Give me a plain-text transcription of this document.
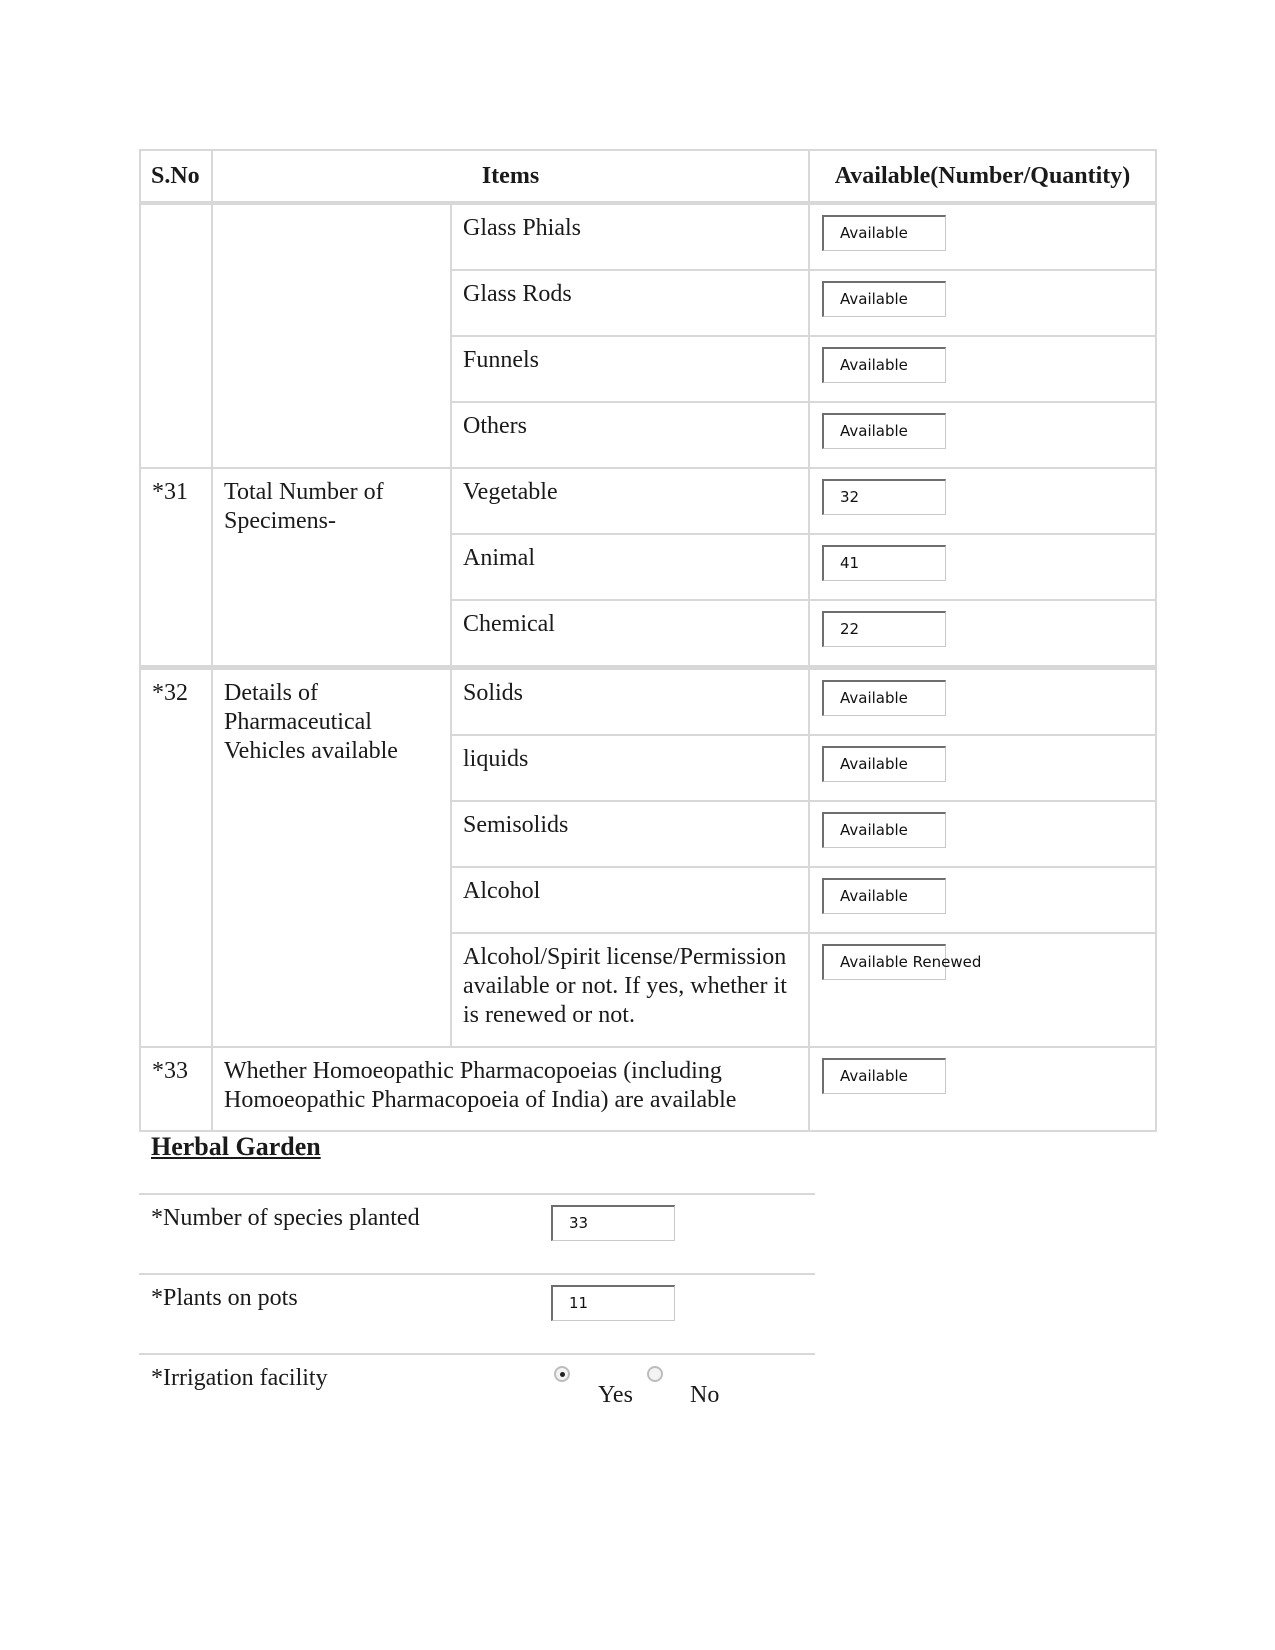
S.No	Items		Available(Number/Quantity)
		Glass Phials	Available

		Glass Rods	Available

		Funnels	Available

		Others	Available

*31	Total Number of Specimens-	Vegetable	32

		Animal	41

		Chemical	22

*32	Details of Pharmaceutical Vehicles available	Solids	Available

		liquids	Available

		Semisolids	Available

		Alcohol	Available

		Alcohol/Spirit license/Permission available or not. If yes, whether it is renewed or not.	Available Renewed

*33	Whether Homoeopathic Pharmacopoeias (including Homoeopathic Pharmacopoeia of India) are available		Available
Herbal Garden
*Number of species planted	33

*Plants on pots	11

*Irrigation facility	Yes No
